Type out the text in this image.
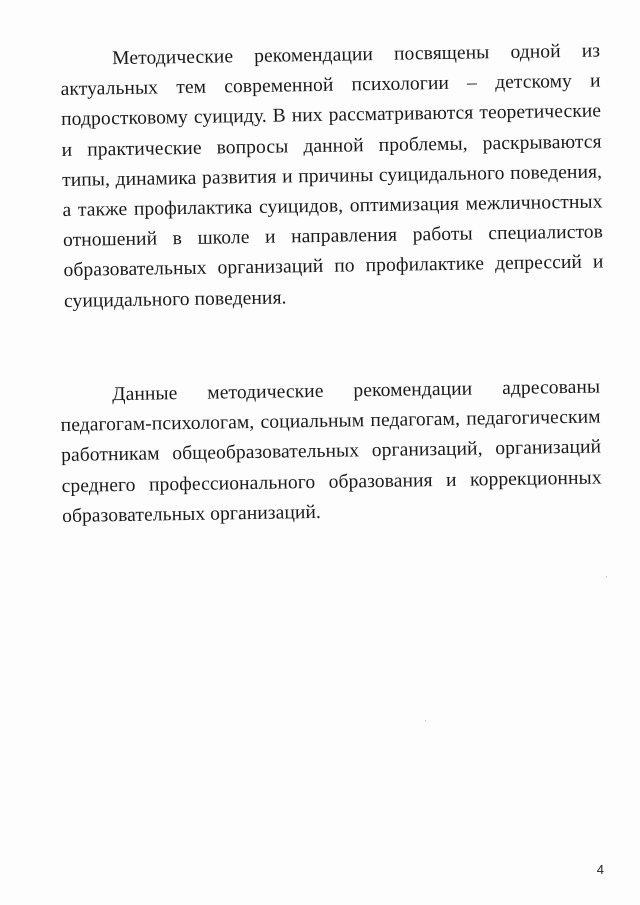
Методические рекомендации посвящены одной из актуальных тем современной психологии – детскому и подростковому суициду. В них рассматриваются теоретические и практические вопросы данной проблемы, раскрываются типы, динамика развития и причины суицидального поведения, а также профилактика суицидов, оптимизация межличностных отношений в школе и направления работы специалистов образовательных организаций по профилактике депрессий и суицидального поведения.

Данные методические рекомендации адресованы педагогам-психологам, социальным педагогам, педагогическим работникам общеобразовательных организаций, организаций среднего профессионального образования и коррекционных образовательных организаций.

4
